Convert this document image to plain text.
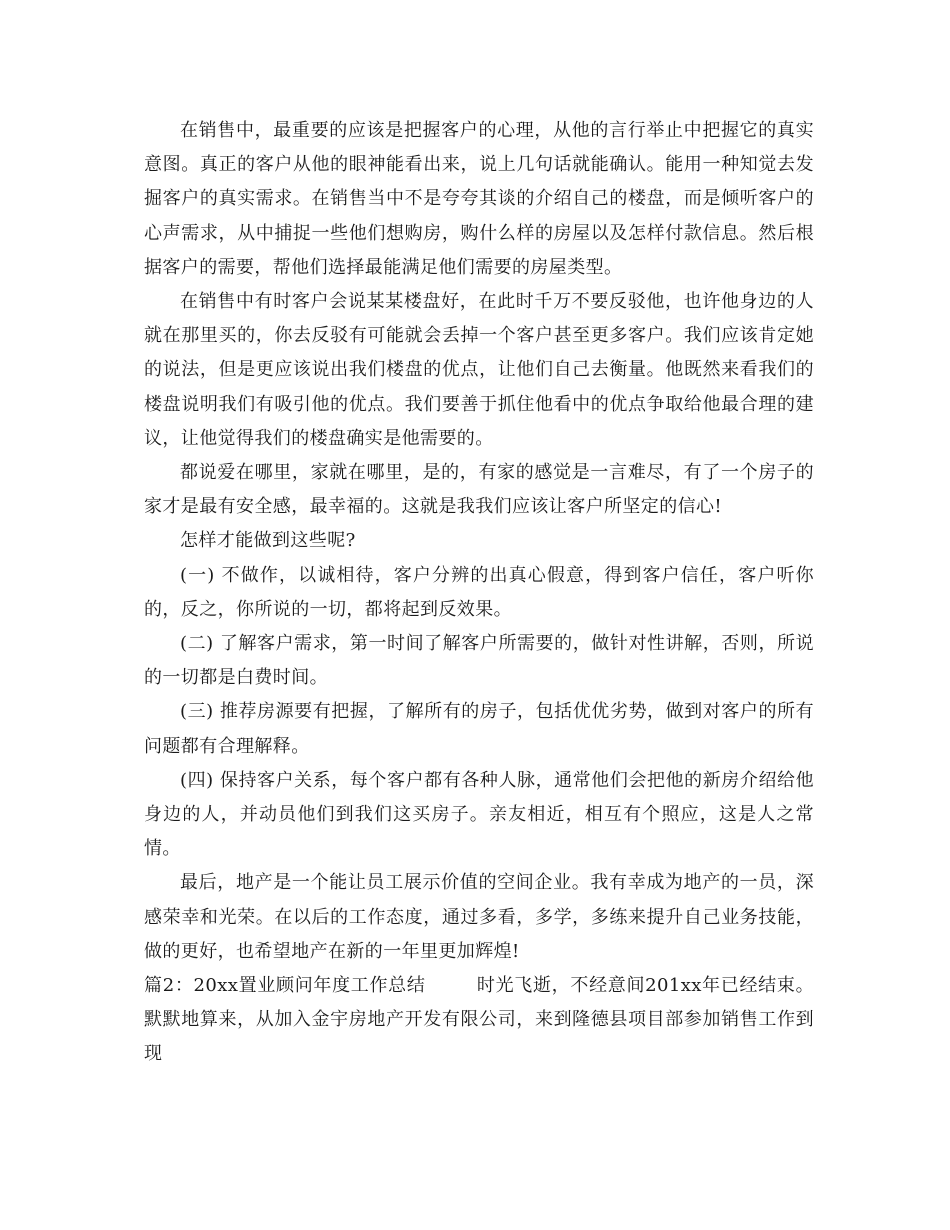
在销售中，最重要的应该是把握客户的心理，从他的言行举止中把握它的真实意图。真正的客户从他的眼神能看出来，说上几句话就能确认。能用一种知觉去发掘客户的真实需求。在销售当中不是夸夸其谈的介绍自己的楼盘，而是倾听客户的心声需求，从中捕捉一些他们想购房，购什么样的房屋以及怎样付款信息。然后根据客户的需要，帮他们选择最能满足他们需要的房屋类型。

在销售中有时客户会说某某楼盘好，在此时千万不要反驳他，也许他身边的人就在那里买的，你去反驳有可能就会丢掉一个客户甚至更多客户。我们应该肯定她的说法，但是更应该说出我们楼盘的优点，让他们自己去衡量。他既然来看我们的楼盘说明我们有吸引他的优点。我们要善于抓住他看中的优点争取给他最合理的建议，让他觉得我们的楼盘确实是他需要的。

都说爱在哪里，家就在哪里，是的，有家的感觉是一言难尽，有了一个房子的家才是最有安全感，最幸福的。这就是我我们应该让客户所坚定的信心!

怎样才能做到这些呢?

(一) 不做作，以诚相待，客户分辨的出真心假意，得到客户信任，客户听你的，反之，你所说的一切，都将起到反效果。

(二) 了解客户需求，第一时间了解客户所需要的，做针对性讲解，否则，所说的一切都是白费时间。

(三) 推荐房源要有把握，了解所有的房子，包括优优劣势，做到对客户的所有问题都有合理解释。

(四) 保持客户关系，每个客户都有各种人脉，通常他们会把他的新房介绍给他身边的人，并动员他们到我们这买房子。亲友相近，相互有个照应，这是人之常情。

最后，地产是一个能让员工展示价值的空间企业。我有幸成为地产的一员，深感荣幸和光荣。在以后的工作态度，通过多看，多学，多练来提升自己业务技能，做的更好，也希望地产在新的一年里更加辉煌!

篇2：20xx置业顾问年度工作总结	时光飞逝，不经意间201xx年已经结束。默默地算来，从加入金宇房地产开发有限公司，来到隆德县项目部参加销售工作到现
